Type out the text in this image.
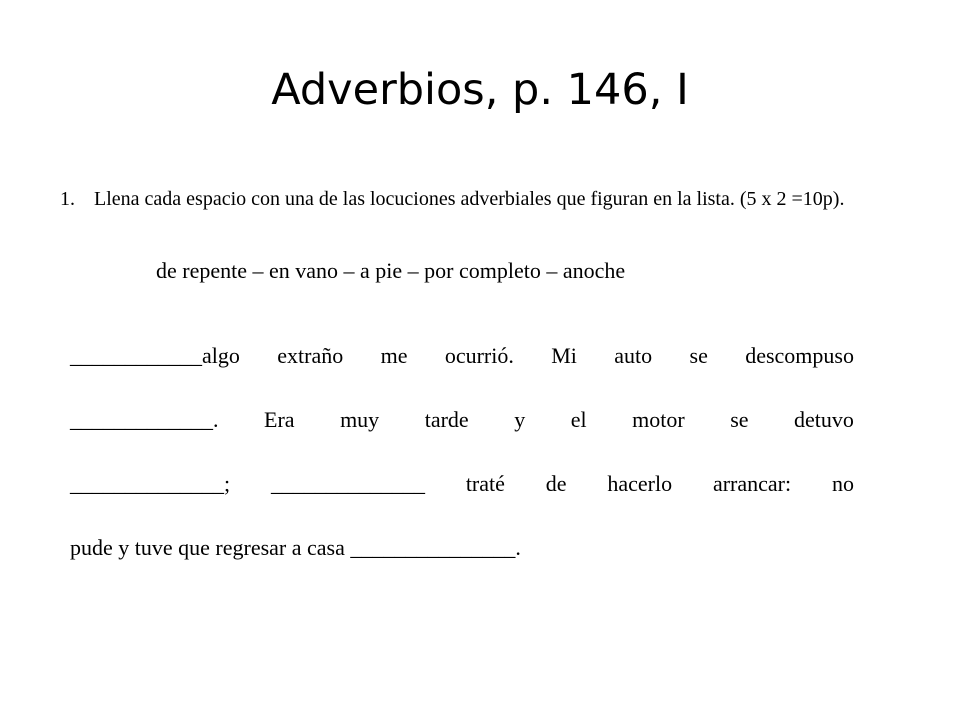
Adverbios, p. 146, I
1. Llena cada espacio con una de las locuciones adverbiales que figuran en la lista. (5 x 2 =10p).

de repente – en vano – a pie – por completo – anoche
____________algo extraño me ocurrió. Mi auto se descompuso
_____________. Era muy tarde y el motor se detuvo
______________; ______________ traté de hacerlo arrancar: no
pude y tuve que regresar a casa _______________.
